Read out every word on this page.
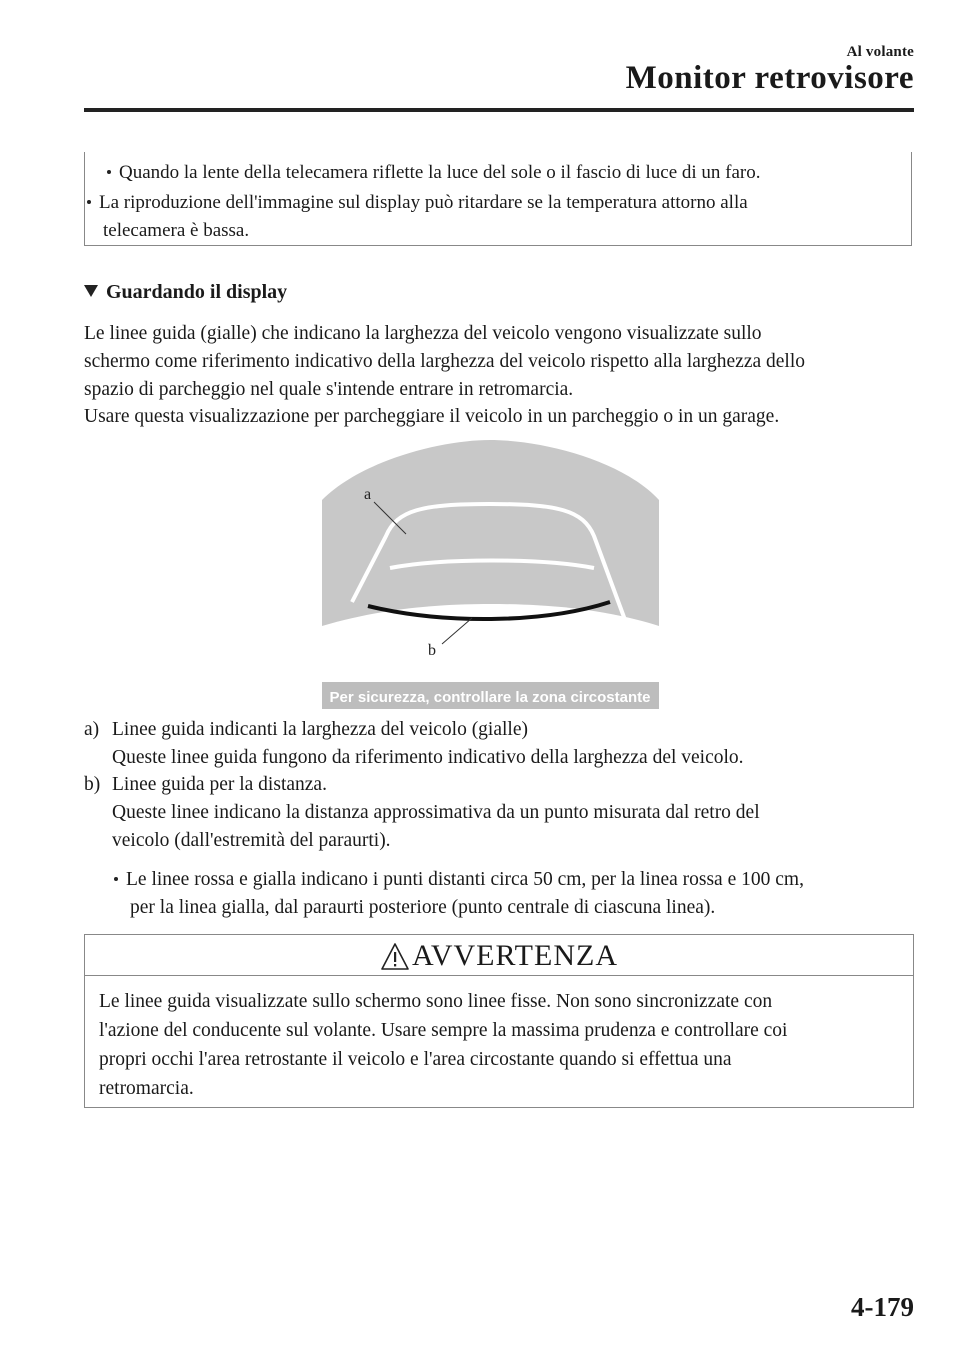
Al volante
Monitor retrovisore
Quando la lente della telecamera riflette la luce del sole o il fascio di luce di un faro.
La riproduzione dell'immagine sul display può ritardare se la temperatura attorno alla
telecamera è bassa.
Guardando il display
Le linee guida (gialle) che indicano la larghezza del veicolo vengono visualizzate sullo
schermo come riferimento indicativo della larghezza del veicolo rispetto alla larghezza dello
spazio di parcheggio nel quale s'intende entrare in retromarcia.
Usare questa visualizzazione per parcheggiare il veicolo in un parcheggio o in un garage.
a
b
Per sicurezza, controllare la zona circostante
a) Linee guida indicanti la larghezza del veicolo (gialle)
Queste linee guida fungono da riferimento indicativo della larghezza del veicolo.
b) Linee guida per la distanza.
Queste linee indicano la distanza approssimativa da un punto misurata dal retro del
veicolo (dall'estremità del paraurti).
Le linee rossa e gialla indicano i punti distanti circa 50 cm, per la linea rossa e 100 cm,
per la linea gialla, dal paraurti posteriore (punto centrale di ciascuna linea).
AVVERTENZA
Le linee guida visualizzate sullo schermo sono linee fisse. Non sono sincronizzate con
l'azione del conducente sul volante. Usare sempre la massima prudenza e controllare coi
propri occhi l'area retrostante il veicolo e l'area circostante quando si effettua una
retromarcia.
4-179
